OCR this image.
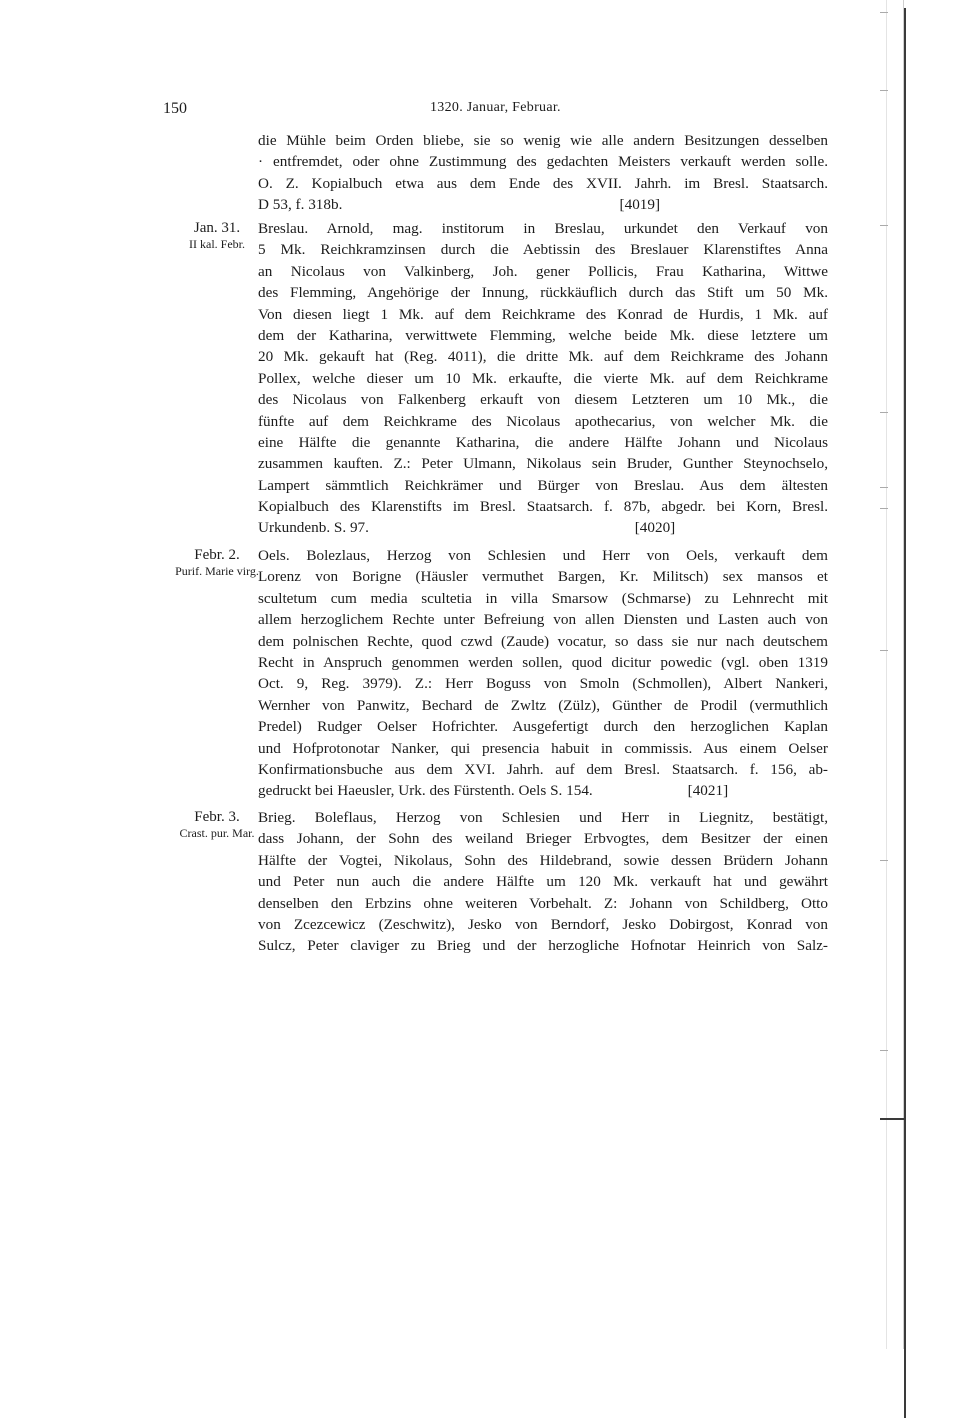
150	1320. Januar, Februar.
die Mühle beim Orden bliebe, sie so wenig wie alle andern Besitzungen desselben
· entfremdet, oder ohne Zustimmung des gedachten Meisters verkauft werden solle.
O. Z. Kopialbuch etwa aus dem Ende des XVII. Jahrh. im Bresl. Staatsarch.
D 53, f. 318b.                                                                         [4019]
Jan. 31.
II kal. Febr.
Breslau. Arnold, mag. institorum in Breslau, urkundet den Verkauf von
5 Mk. Reichkramzinsen durch die Aebtissin des Breslauer Klarenstiftes Anna
an Nicolaus von Valkinberg, Joh. gener Pollicis, Frau Katharina, Wittwe
des Flemming, Angehörige der Innung, rückkäuflich durch das Stift um 50 Mk.
Von diesen liegt 1 Mk. auf dem Reichkrame des Konrad de Hurdis, 1 Mk. auf
dem der Katharina, verwittwete Flemming, welche beide Mk. diese letztere um
20 Mk. gekauft hat (Reg. 4011), die dritte Mk. auf dem Reichkrame des Johann
Pollex, welche dieser um 10 Mk. erkaufte, die vierte Mk. auf dem Reichkrame
des Nicolaus von Falkenberg erkauft von diesem Letzteren um 10 Mk., die
fünfte auf dem Reichkrame des Nicolaus apothecarius, von welcher Mk. die
eine Hälfte die genannte Katharina, die andere Hälfte Johann und Nicolaus
zusammen kauften. Z.: Peter Ulmann, Nikolaus sein Bruder, Gunther Steynochselo,
Lampert sämmtlich Reichkrämer und Bürger von Breslau. Aus dem ältesten
Kopialbuch des Klarenstifts im Bresl. Staatsarch. f. 87b, abgedr. bei Korn, Bresl.
Urkundenb. S. 97.                                                                      [4020]
Febr. 2.
Purif. Marie virg.
Oels. Bolezlaus, Herzog von Schlesien und Herr von Oels, verkauft dem
Lorenz von Borigne (Häusler vermuthet Bargen, Kr. Militsch) sex mansos et
scultetum cum media scultetia in villa Smarsow (Schmarse) zu Lehnrecht mit
allem herzoglichem Rechte unter Befreiung von allen Diensten und Lasten auch von
dem polnischen Rechte, quod czwd (Zaude) vocatur, so dass sie nur nach deutschem
Recht in Anspruch genommen werden sollen, quod dicitur powedic (vgl. oben 1319
Oct. 9, Reg. 3979). Z.: Herr Boguss von Smoln (Schmollen), Albert Nankeri,
Wernher von Panwitz, Bechard de Zwltz (Zülz), Günther de Prodil (vermuthlich
Predel) Rudger Oelser Hofrichter. Ausgefertigt durch den herzoglichen Kaplan
und Hofprotonotar Nanker, qui presencia habuit in commissis. Aus einem Oelser
Konfirmationsbuche aus dem XVI. Jahrh. auf dem Bresl. Staatsarch. f. 156, ab-
gedruckt bei Haeusler, Urk. des Fürstenth. Oels S. 154.                         [4021]
Febr. 3.
Crast. pur. Mar.
Brieg. Boleflaus, Herzog von Schlesien und Herr in Liegnitz, bestätigt,
dass Johann, der Sohn des weiland Brieger Erbvogtes, dem Besitzer der einen
Hälfte der Vogtei, Nikolaus, Sohn des Hildebrand, sowie dessen Brüdern Johann
und Peter nun auch die andere Hälfte um 120 Mk. verkauft hat und gewährt
denselben den Erbzins ohne weiteren Vorbehalt. Z: Johann von Schildberg, Otto
von Zcezcewicz (Zeschwitz), Jesko von Berndorf, Jesko Dobirgost, Konrad von
Sulcz, Peter claviger zu Brieg und der herzogliche Hofnotar Heinrich von Salz-
